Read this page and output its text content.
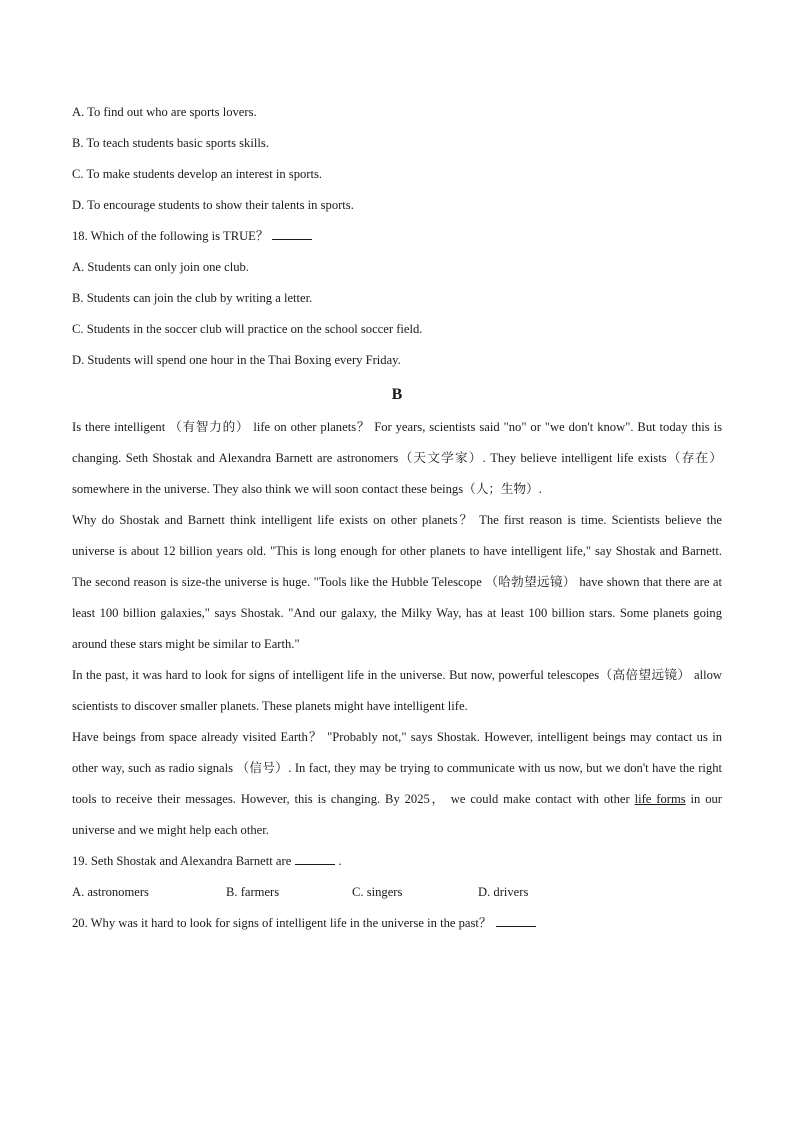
A. To find out who are sports lovers.

B. To teach students basic sports skills.

C. To make students develop an interest in sports.

D. To encourage students to show their talents in sports.

18. Which of the following is TRUE？

A. Students can only join one club.

B. Students can join the club by writing a letter.

C. Students in the soccer club will practice on the school soccer field.

D. Students will spend one hour in the Thai Boxing every Friday.

B

Is there intelligent （有智力的） life on other planets？ For years, scientists said "no" or "we don't know". But today this is changing. Seth Shostak and Alexandra Barnett are astronomers（天文学家）. They believe intelligent life exists（存在） somewhere in the universe. They also think we will soon contact these beings（人；生物）.

Why do Shostak and Barnett think intelligent life exists on other planets？ The first reason is time. Scientists believe the universe is about 12 billion years old. "This is long enough for other planets to have intelligent life," say Shostak and Barnett. The second reason is size-the universe is huge. "Tools like the Hubble Telescope （哈勃望远镜） have shown that there are at least 100 billion galaxies," says Shostak. "And our galaxy, the Milky Way, has at least 100 billion stars. Some planets going around these stars might be similar to Earth."

In the past, it was hard to look for signs of intelligent life in the universe. But now, powerful telescopes（高倍望远镜） allow scientists to discover smaller planets. These planets might have intelligent life.

Have beings from space already visited Earth？ "Probably not," says Shostak. However, intelligent beings may contact us in other way, such as radio signals （信号）. In fact, they may be trying to communicate with us now, but we don't have the right tools to receive their messages. However, this is changing. By 2025， we could make contact with other life forms in our universe and we might help each other.

19. Seth Shostak and Alexandra Barnett are	.

A. astronomers	B. farmers	C. singers	D. drivers

20. Why was it hard to look for signs of intelligent life in the universe in the past？
